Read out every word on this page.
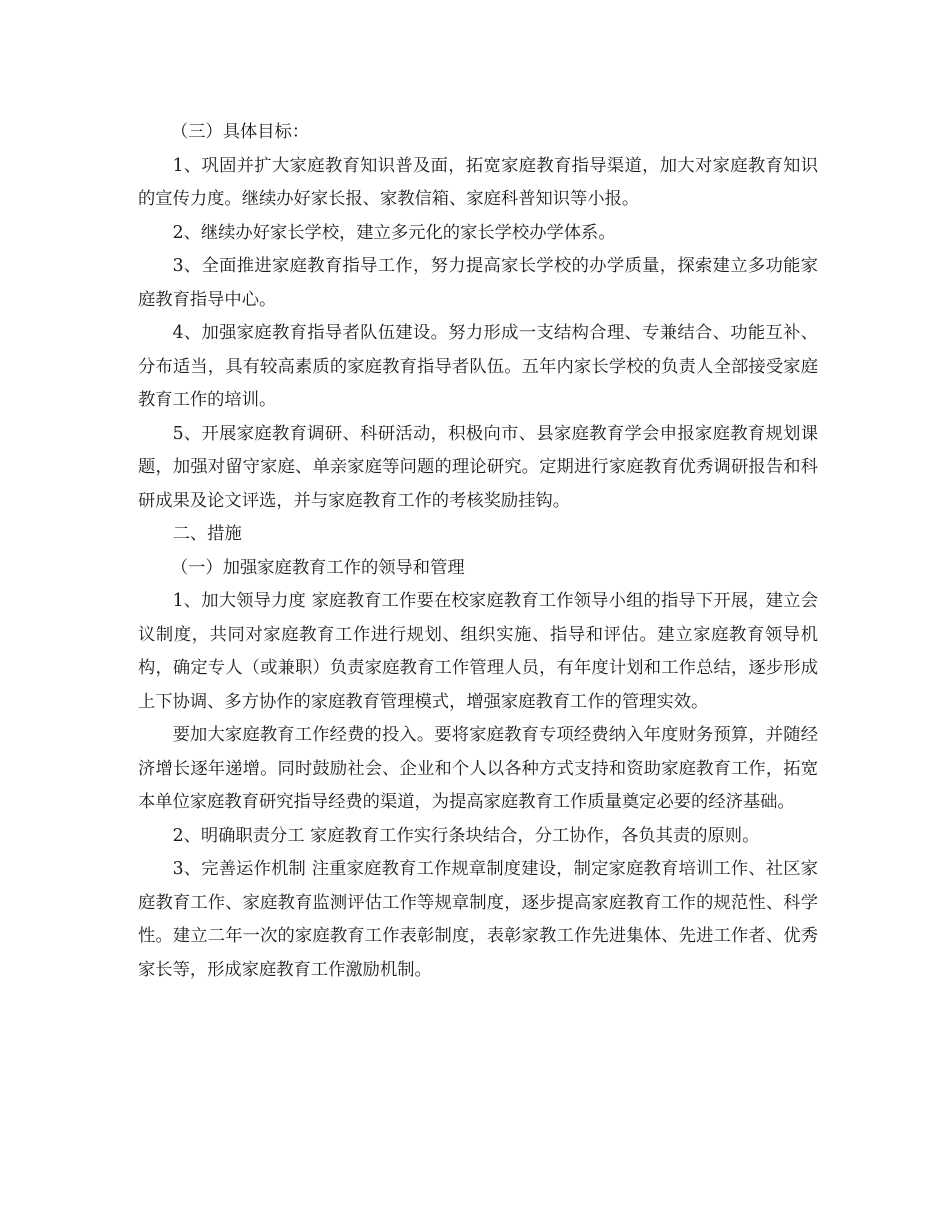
（三）具体目标：

1、巩固并扩大家庭教育知识普及面，拓宽家庭教育指导渠道，加大对家庭教育知识的宣传力度。继续办好家长报、家教信箱、家庭科普知识等小报。

2、继续办好家长学校，建立多元化的家长学校办学体系。

3、全面推进家庭教育指导工作，努力提高家长学校的办学质量，探索建立多功能家庭教育指导中心。

4、加强家庭教育指导者队伍建设。努力形成一支结构合理、专兼结合、功能互补、分布适当，具有较高素质的家庭教育指导者队伍。五年内家长学校的负责人全部接受家庭教育工作的培训。

5、开展家庭教育调研、科研活动，积极向市、县家庭教育学会申报家庭教育规划课题，加强对留守家庭、单亲家庭等问题的理论研究。定期进行家庭教育优秀调研报告和科研成果及论文评选，并与家庭教育工作的考核奖励挂钩。

二、措施

（一）加强家庭教育工作的领导和管理

1、加大领导力度 家庭教育工作要在校家庭教育工作领导小组的指导下开展，建立会议制度，共同对家庭教育工作进行规划、组织实施、指导和评估。建立家庭教育领导机构，确定专人（或兼职）负责家庭教育工作管理人员，有年度计划和工作总结，逐步形成上下协调、多方协作的家庭教育管理模式，增强家庭教育工作的管理实效。

要加大家庭教育工作经费的投入。要将家庭教育专项经费纳入年度财务预算，并随经济增长逐年递增。同时鼓励社会、企业和个人以各种方式支持和资助家庭教育工作，拓宽本单位家庭教育研究指导经费的渠道，为提高家庭教育工作质量奠定必要的经济基础。

2、明确职责分工 家庭教育工作实行条块结合，分工协作，各负其责的原则。

3、完善运作机制 注重家庭教育工作规章制度建设，制定家庭教育培训工作、社区家庭教育工作、家庭教育监测评估工作等规章制度，逐步提高家庭教育工作的规范性、科学性。建立二年一次的家庭教育工作表彰制度，表彰家教工作先进集体、先进工作者、优秀家长等，形成家庭教育工作激励机制。
